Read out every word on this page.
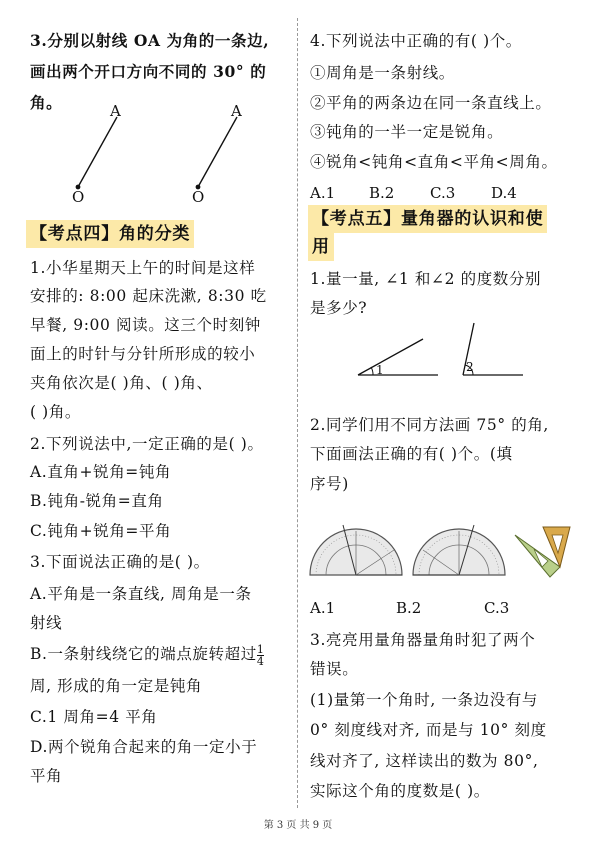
3.分别以射线 OA 为角的一条边,
画出两个开口方向不同的 30° 的
角。	A
O
A
O
【考点四】角的分类
1.小华星期天上午的时间是这样
安排的: 8:00 起床洗漱, 8:30 吃
早餐, 9:00 阅读。这三个时刻钟
面上的时针与分针所形成的较小
夹角依次是( )角、( )角、
( )角。
2.下列说法中,一定正确的是( )。
A.直角+锐角=钝角
B.钝角-锐角=直角
C.钝角+锐角=平角
3.下面说法正确的是( )。
A.平角是一条直线, 周角是一条
射线
B.一条射线绕它的端点旋转超过 $\frac{1}{4}$
周, 形成的角一定是钝角
C.1 周角=4 平角
D.两个锐角合起来的角一定小于
平角
4.下列说法中正确的有( )个。
①周角是一条射线。
②平角的两条边在同一条直线上。
③钝角的一半一定是锐角。
④锐角<钝角<直角<平角<周角。
A.1 B.2 C.3 D.4
【考点五】量角器的认识和使
用
1.量一量, ∠1 和∠2 的度数分别
是多少?
1	2
2.同学们用不同方法画 75° 的角,
下面画法正确的有( )个。(填
序号)
A.1	B.2	C.3
3.亮亮用量角器量角时犯了两个
错误。
(1)量第一个角时, 一条边没有与
0° 刻度线对齐, 而是与 10° 刻度
线对齐了, 这样读出的数为 80°,
实际这个角的度数是( )。
第 3 页 共 9 页
